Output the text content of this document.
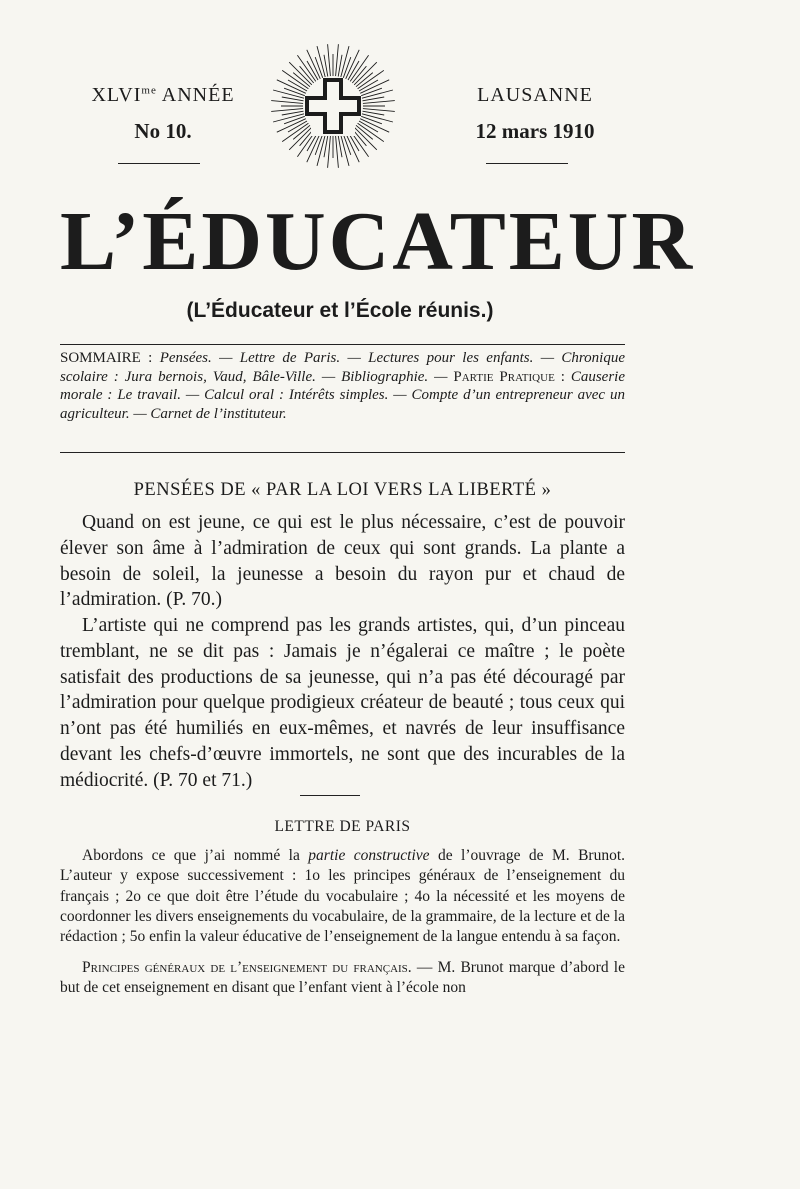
$XLVI^{me}$ ANNÉE
No 10.
LAUSANNE
12 mars 1910
L’ÉDUCATEUR
(L’Éducateur et l’École réunis.)
SOMMAIRE : Pensées. — Lettre de Paris. — Lectures pour les enfants. — Chronique scolaire : Jura bernois, Vaud, Bâle-Ville. — Bibliographie. — Partie Pratique : Causerie morale : Le travail. — Calcul oral : Intérêts simples. — Compte d’un entrepreneur avec un agriculteur. — Carnet de l’instituteur.
PENSÉES DE « PAR LA LOI VERS LA LIBERTÉ »

Quand on est jeune, ce qui est le plus nécessaire, c’est de pouvoir élever son âme à l’admiration de ceux qui sont grands. La plante a besoin de soleil, la jeunesse a besoin du rayon pur et chaud de l’admiration. (P. 70.)

L’artiste qui ne comprend pas les grands artistes, qui, d’un pinceau tremblant, ne se dit pas : Jamais je n’égalerai ce maître ; le poète satisfait des productions de sa jeunesse, qui n’a pas été découragé par l’admiration pour quelque prodigieux créateur de beauté ; tous ceux qui n’ont pas été humiliés en eux-mêmes, et navrés de leur insuffisance devant les chefs-d’œuvre immortels, ne sont que des incurables de la médiocrité. (P. 70 et 71.)

LETTRE DE PARIS

Abordons ce que j’ai nommé la partie constructive de l’ouvrage de M. Brunot. L’auteur y expose successivement : 1o les principes généraux de l’enseignement du français ; 2o ce que doit être l’étude du vocabulaire ; 4o la nécessité et les moyens de coordonner les divers enseignements du vocabulaire, de la grammaire, de la lecture et de la rédaction ; 5o enfin la valeur éducative de l’enseignement de la langue entendu à sa façon.

Principes généraux de l’enseignement du français. — M. Brunot marque d’abord le but de cet enseignement en disant que l’enfant vient à l’école non
